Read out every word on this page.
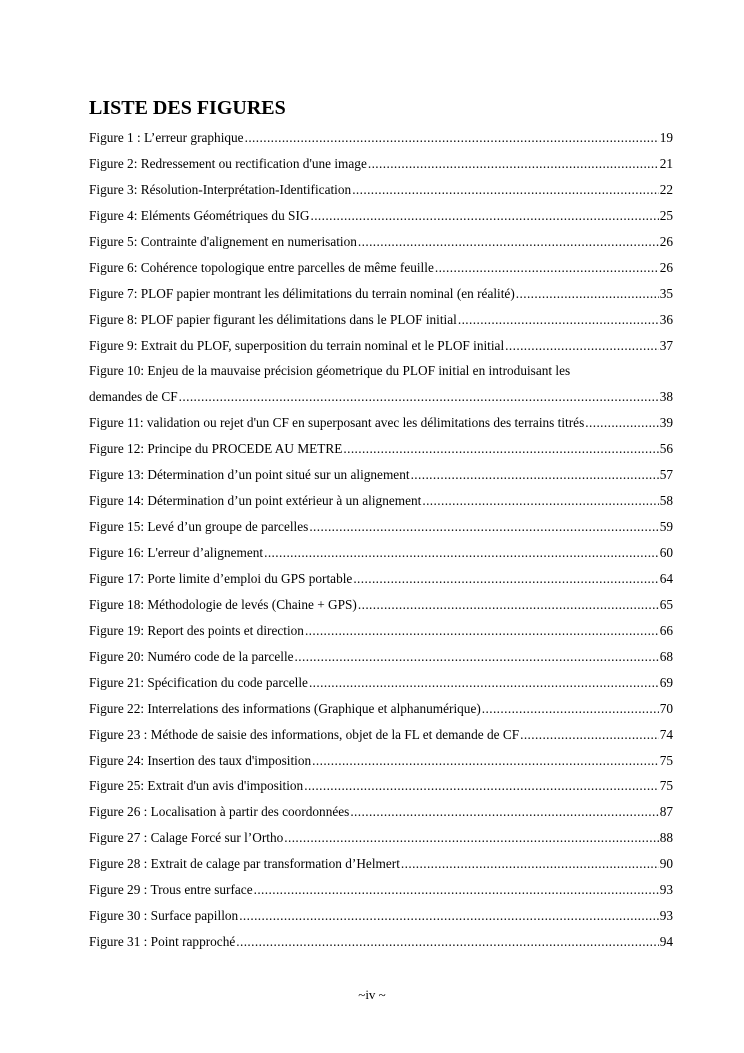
LISTE DES FIGURES
Figure 1 : L’erreur graphique .....	19
Figure 2: Redressement ou rectification d'une image .....	21
Figure 3: Résolution-Interprétation-Identification .....	22
Figure 4: Eléments Géométriques du SIG .....	25
Figure 5: Contrainte d'alignement en numerisation .....	26
Figure 6: Cohérence topologique entre parcelles de même feuille .....	26
Figure 7: PLOF papier montrant les délimitations du terrain nominal (en réalité) .....	35
Figure 8: PLOF papier figurant les délimitations dans le PLOF initial .....	36
Figure 9: Extrait du PLOF, superposition du terrain nominal et le PLOF initial .....	37
Figure 10: Enjeu de la mauvaise précision géometrique du PLOF initial en introduisant les
demandes de CF .....	38
Figure 11: validation ou rejet d'un CF en superposant avec les délimitations des terrains titrés .....	39
Figure 12: Principe du PROCEDE AU METRE .....	56
Figure 13: Détermination d’un point situé sur un alignement .....	57
Figure 14: Détermination d’un point extérieur à un alignement .....	58
Figure 15: Levé d’un groupe de parcelles .....	59
Figure 16: L'erreur d’alignement .....	60
Figure 17: Porte limite d’emploi du GPS portable .....	64
Figure 18: Méthodologie de levés (Chaine + GPS) .....	65
Figure 19: Report des points et direction .....	66
Figure 20: Numéro code de la parcelle .....	68
Figure 21: Spécification du code parcelle .....	69
Figure 22: Interrelations des informations (Graphique et alphanumérique) .....	70
Figure 23 : Méthode de saisie des informations, objet de la FL et demande de CF .....	74
Figure 24: Insertion des taux d'imposition .....	75
Figure 25: Extrait d'un avis d'imposition .....	75
Figure 26 : Localisation à partir des coordonnées .....	87
Figure 27 : Calage Forcé sur l’Ortho .....	88
Figure 28 : Extrait de calage par transformation d’Helmert .....	90
Figure 29 : Trous entre surface .....	93
Figure 30 : Surface papillon .....	93
Figure 31 : Point rapproché .....	94
~iv ~
